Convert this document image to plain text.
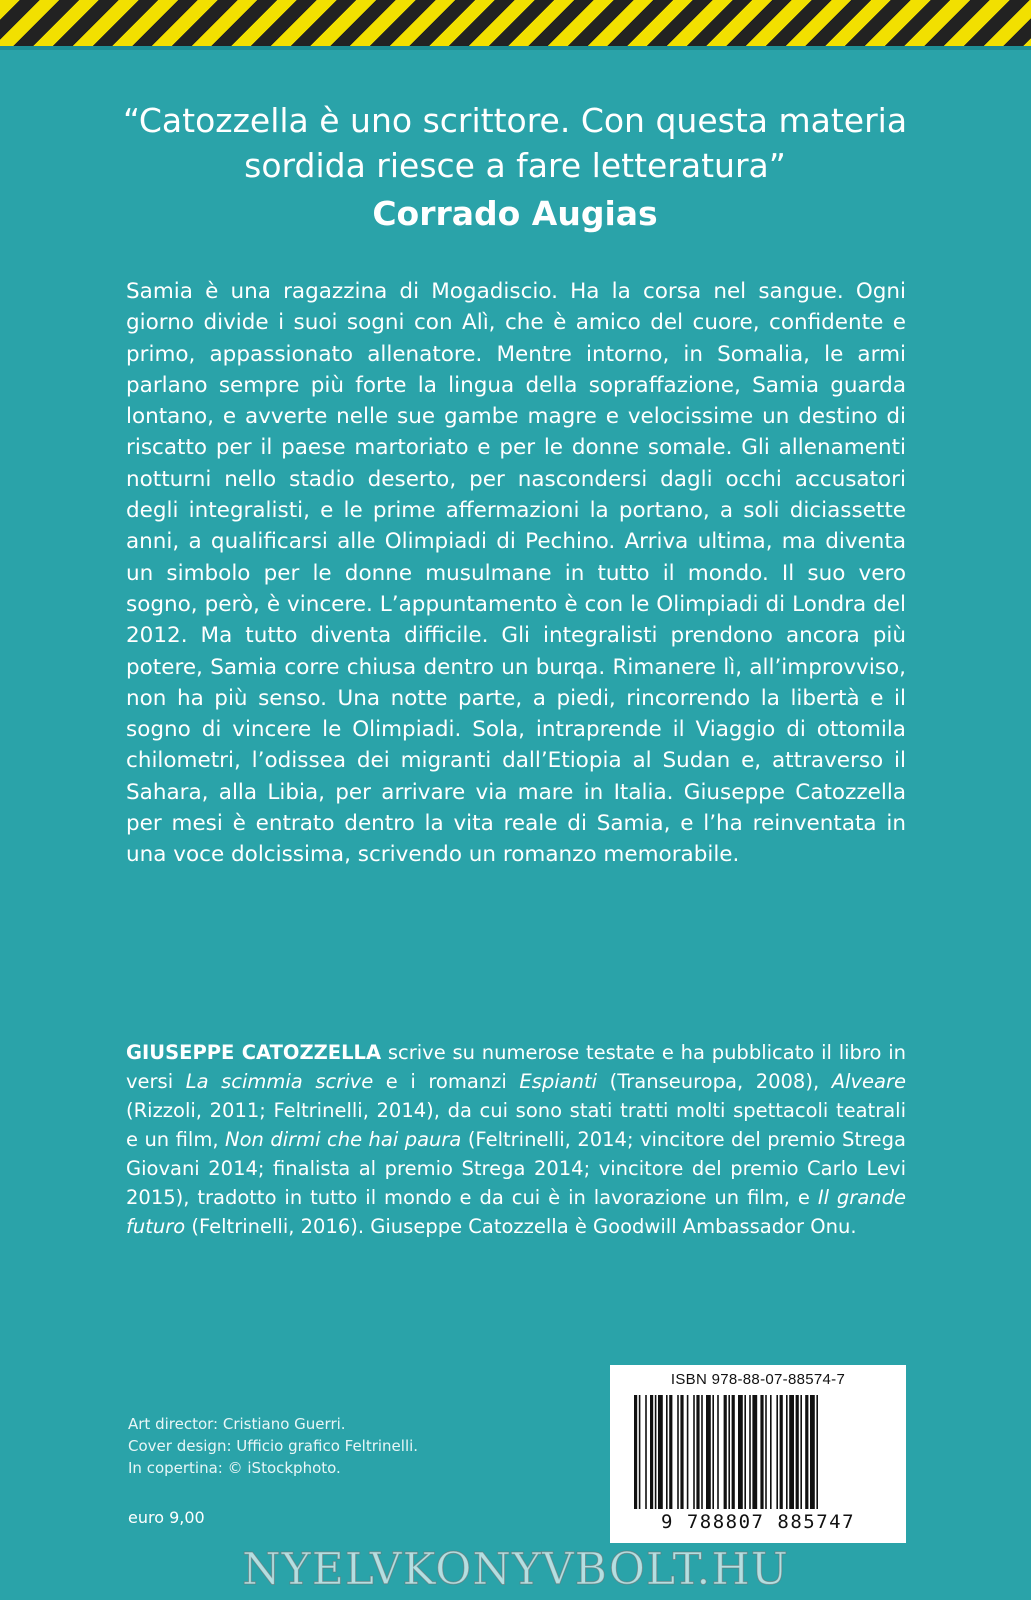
“Catozzella è uno scrittore. Con questa materia sordida riesce a fare letteratura”
Corrado Augias
Samia è una ragazzina di Mogadiscio. Ha la corsa nel sangue. Ogni giorno divide i suoi sogni con Alì, che è amico del cuore, confidente e primo, appassionato allenatore. Mentre intorno, in Somalia, le armi parlano sempre più forte la lingua della sopraffazione, Samia guarda lontano, e avverte nelle sue gambe magre e velocissime un destino di riscatto per il paese martoriato e per le donne somale. Gli allenamenti notturni nello stadio deserto, per nascondersi dagli occhi accusatori degli integralisti, e le prime affermazioni la portano, a soli diciassette anni, a qualificarsi alle Olimpiadi di Pechino. Arriva ultima, ma diventa un simbolo per le donne musulmane in tutto il mondo. Il suo vero sogno, però, è vincere. L’appuntamento è con le Olimpiadi di Londra del 2012. Ma tutto diventa difficile. Gli integralisti prendono ancora più potere, Samia corre chiusa dentro un burqa. Rimanere lì, all’improvviso, non ha più senso. Una notte parte, a piedi, rincorrendo la libertà e il sogno di vincere le Olimpiadi. Sola, intraprende il Viaggio di ottomila chilometri, l’odissea dei migranti dall’Etiopia al Sudan e, attraverso il Sahara, alla Libia, per arrivare via mare in Italia. Giuseppe Catozzella per mesi è entrato dentro la vita reale di Samia, e l’ha reinventata in una voce dolcissima, scrivendo un romanzo memorabile.
GIUSEPPE CATOZZELLA scrive su numerose testate e ha pubblicato il libro in versi La scimmia scrive e i romanzi Espianti (Transeuropa, 2008), Alveare (Rizzoli, 2011; Feltrinelli, 2014), da cui sono stati tratti molti spettacoli teatrali e un film, Non dirmi che hai paura (Feltrinelli, 2014; vincitore del premio Strega Giovani 2014; finalista al premio Strega 2014; vincitore del premio Carlo Levi 2015), tradotto in tutto il mondo e da cui è in lavorazione un film, e Il grande futuro (Feltrinelli, 2016). Giuseppe Catozzella è Goodwill Ambassador Onu.
Art director: Cristiano Guerri.
Cover design: Ufficio grafico Feltrinelli.
In copertina: © iStockphoto.
euro 9,00
ISBN 978-88-07-88574-7
9 788807 885747
NYELVKONYVBOLT.HU
